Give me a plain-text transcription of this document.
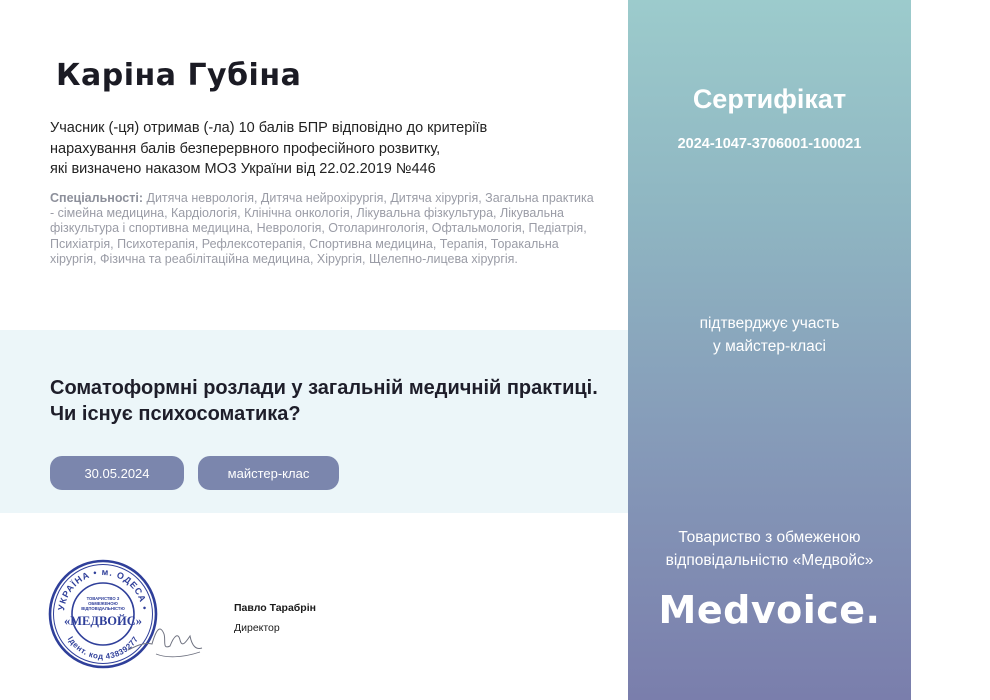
Каріна Губіна
Учасник (-ця) отримав (-ла) 10 балів БПР відповідно до критеріїв
нарахування балів безперервного професійного розвитку,
які визначено наказом МОЗ України від 22.02.2019 №446
Спеціальності: Дитяча неврологія, Дитяча нейрохірургія, Дитяча хірургія, Загальна практика - сімейна медицина, Кардіологія, Клінічна онкологія, Лікувальна фізкультура, Лікувальна фізкультура і спортивна медицина, Неврологія, Отоларингологія, Офтальмологія, Педіатрія, Психіатрія, Психотерапія, Рефлексотерапія, Спортивна медицина, Терапія, Торакальна хірургія, Фізична та реабілітаційна медицина, Хірургія, Щелепно-лицева хірургія.
Соматоформні розлади у загальній медичній практиці.
Чи існує психосоматика?
30.05.2024	майстер-клас
УКРАЇНА • м. ОДЕСА •
Ідент. код 43839277
ТОВАРИСТВО З ОБМЕЖЕНОЮ ВІДПОВІДАЛЬНІСТЮ
«МЕДВОЙС»
Павло Тарабрін
Директор
Сертифікат
2024-1047-3706001-100021
підтверджує участь
у майстер-класі
Товариство з обмеженою
відповідальністю «Медвойс»
Medvoice.
